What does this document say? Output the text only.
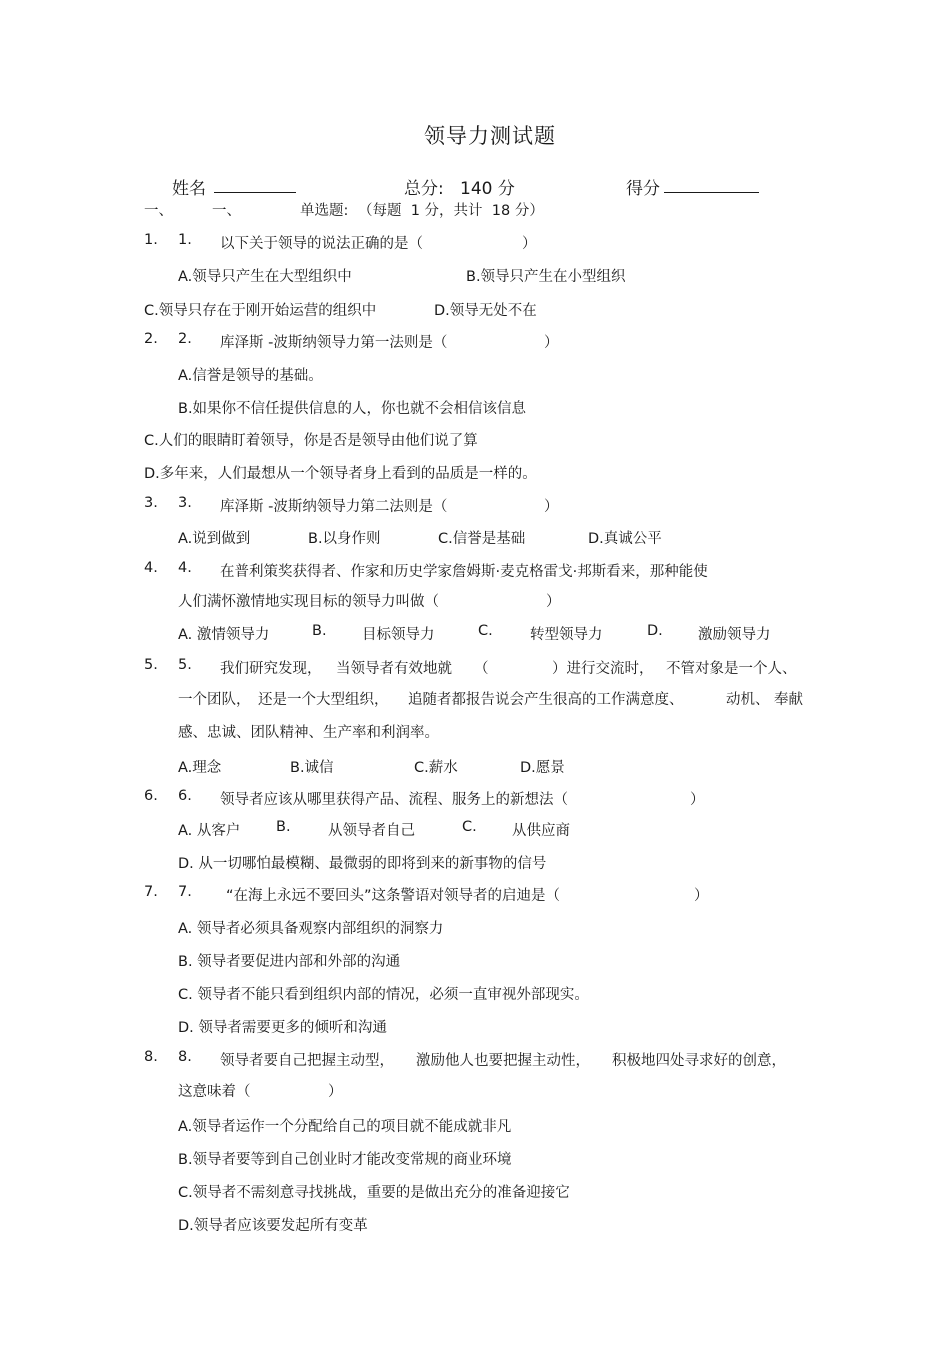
领导力测试题
姓名	总分: 140 分	得分
一、	一、	单选题: （每题  1 分，共计  18 分）
1. 1. 以下关于领导的说法正确的是（	）
A.领导只产生在大型组织中	B.领导只产生在小型组织
C.领导只存在于刚开始运营的组织中	D.领导无处不在
2. 2. 库泽斯 -波斯纳领导力第一法则是（	）
A.信誉是领导的基础。
B.如果你不信任提供信息的人，你也就不会相信该信息
C.人们的眼睛盯着领导，你是否是领导由他们说了算
D.多年来，人们最想从一个领导者身上看到的品质是一样的。
3. 3. 库泽斯 -波斯纳领导力第二法则是（	）
A.说到做到	B.以身作则	C.信誉是基础	D.真诚公平
4. 4. 在普利策奖获得者、作家和历史学家詹姆斯·麦克格雷戈·邦斯看来，那种能使
人们满怀激情地实现目标的领导力叫做（	）
A. 激情领导力	B. 目标领导力	C.	转型领导力	D. 激励领导力
5. 5. 我们研究发现， 当领导者有效地就 （	）进行交流时， 不管对象是一个人、
一个团队， 还是一个大型组织， 追随者都报告说会产生很高的工作满意度、	动机、 奉献
感、忠诚、团队精神、生产率和利润率。
A.理念	B.诚信	C.薪水	D.愿景
6. 6. 领导者应该从哪里获得产品、流程、服务上的新想法（	）
A. 从客户 B.	从领导者自己	C. 从供应商
D. 从一切哪怕最模糊、最微弱的即将到来的新事物的信号
7. 7. “在海上永远不要回头”这条警语对领导者的启迪是（	）
A. 领导者必须具备观察内部组织的洞察力
B. 领导者要促进内部和外部的沟通
C. 领导者不能只看到组织内部的情况，必须一直审视外部现实。
D. 领导者需要更多的倾听和沟通
8. 8. 领导者要自己把握主动型， 激励他人也要把握主动性， 积极地四处寻求好的创意，
这意味着（	）
A.领导者运作一个分配给自己的项目就不能成就非凡
B.领导者要等到自己创业时才能改变常规的商业环境
C.领导者不需刻意寻找挑战，重要的是做出充分的准备迎接它
D.领导者应该要发起所有变革
